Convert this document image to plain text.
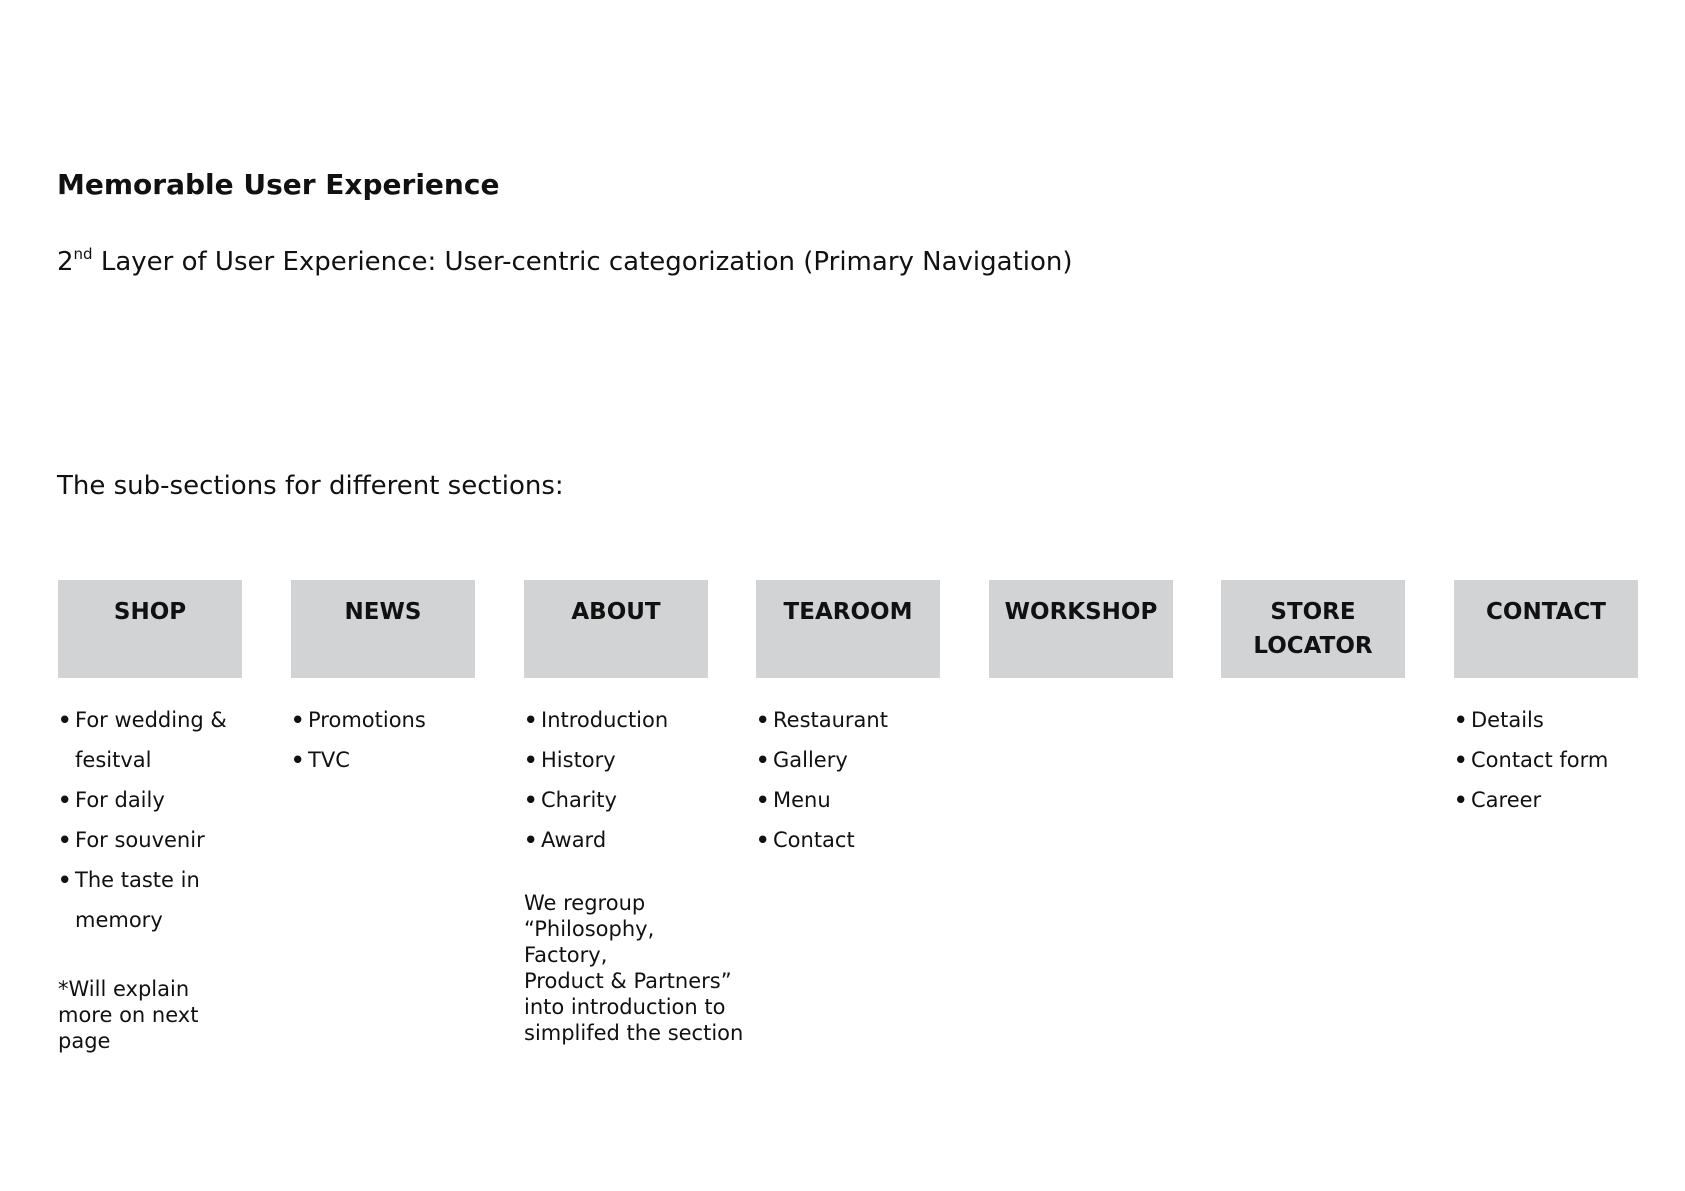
Memorable User Experience
2nd Layer of User Experience: User-centric categorization (Primary Navigation)
The sub-sections for different sections:
SHOP
• For wedding & fesitval
• For daily
• For souvenir
• The taste in memory
*Will explain
more on next
page
NEWS
• Promotions
• TVC
ABOUT
• Introduction
• History
• Charity
• Award
We regroup
“Philosophy, Factory,
Product & Partners”
into introduction to
simplifed the section
TEAROOM
• Restaurant
• Gallery
• Menu
• Contact
WORKSHOP	STORE
LOCATOR
CONTACT
• Details
• Contact form
• Career
